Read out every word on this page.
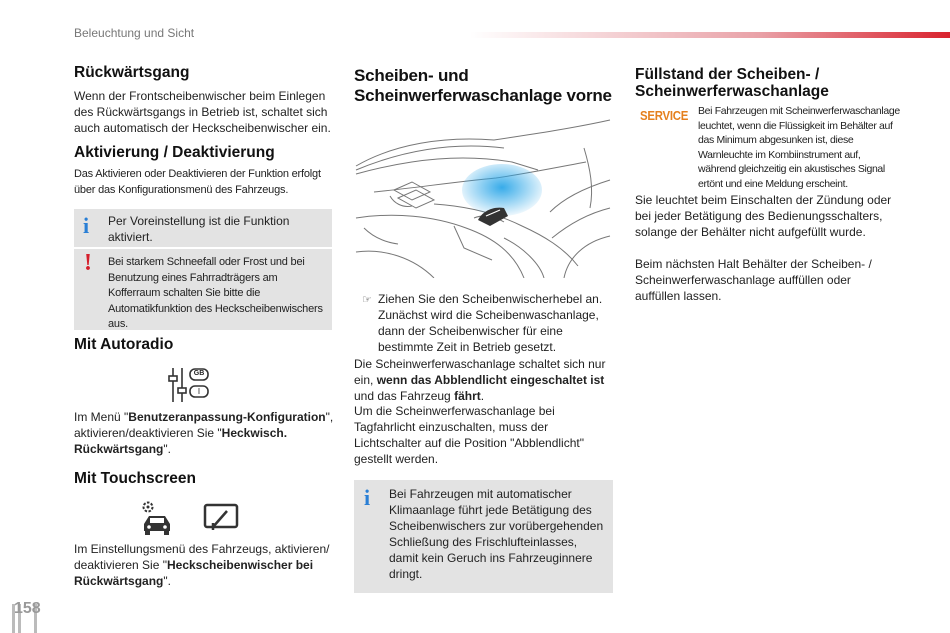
Beleuchtung und Sicht
Rückwärtsgang

Wenn der Frontscheibenwischer beim Einlegen des Rückwärtsgangs in Betrieb ist, schaltet sich auch automatisch der Heckscheibenwischer ein.

Aktivierung / Deaktivierung

Das Aktivieren oder Deaktivieren der Funktion erfolgt über das Konfigurationsmenü des Fahrzeugs.

i Per Voreinstellung ist die Funktion aktiviert.

! Bei starkem Schneefall oder Frost und bei Benutzung eines Fahrradträgers am Kofferraum schalten Sie bitte die Automatikfunktion des Heckscheibenwischers aus.

Mit Autoradio
GB
I

Im Menü "Benutzeranpassung-Konfiguration", aktivieren/deaktivieren Sie "Heckwisch. Rückwärtsgang".

Mit Touchscreen

Im Einstellungsmenü des Fahrzeugs, aktivieren/ deaktivieren Sie "Heckscheibenwischer bei Rückwärtsgang".

Scheiben- und
Scheinwerferwaschanlage vorne
☞ Ziehen Sie den Scheibenwischerhebel an. Zunächst wird die Scheibenwaschanlage, dann der Scheibenwischer für eine bestimmte Zeit in Betrieb gesetzt.

Die Scheinwerferwaschanlage schaltet sich nur ein, wenn das Abblendlicht eingeschaltet ist und das Fahrzeug fährt.

Um die Scheinwerferwaschanlage bei Tagfahrlicht einzuschalten, muss der Lichtschalter auf die Position "Abblendlicht" gestellt werden.

i Bei Fahrzeugen mit automatischer Klimaanlage führt jede Betätigung des Scheibenwischers zur vorübergehenden Schließung des Frischlufteinlasses, damit kein Geruch ins Fahrzeuginnere dringt.

Füllstand der Scheiben- /
Scheinwerferwaschanlage
SERVICE Bei Fahrzeugen mit Scheinwerferwaschanlage leuchtet, wenn die Flüssigkeit im Behälter auf das Minimum abgesunken ist, diese Warnleuchte im Kombiinstrument auf, während gleichzeitig ein akustisches Signal ertönt und eine Meldung erscheint.

Sie leuchtet beim Einschalten der Zündung oder bei jeder Betätigung des Bedienungsschalters, solange der Behälter nicht aufgefüllt wurde.

Beim nächsten Halt Behälter der Scheiben- / Scheinwerferwaschanlage auffüllen oder auffüllen lassen.

158
